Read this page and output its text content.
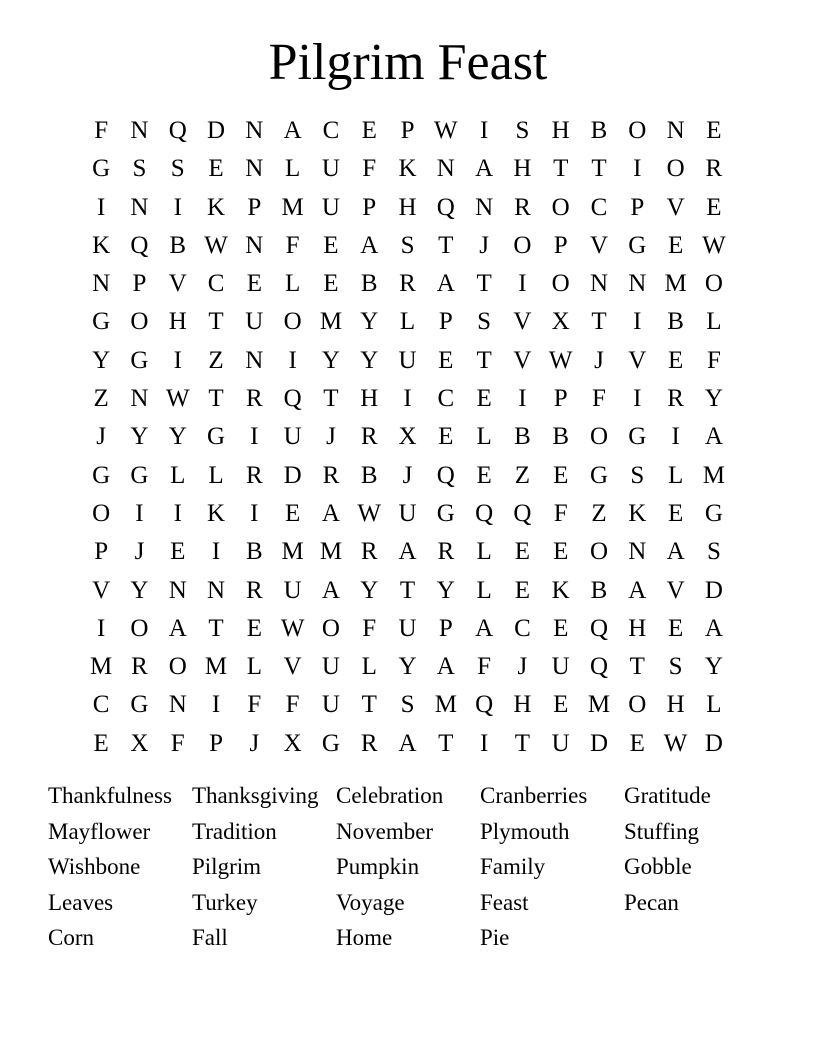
Pilgrim Feast
F N Q D N A C E P W I	S H B O N E
G S S E N L U F K N A H T T	I	O R
I	N	I	K P M U P H Q N R O C P V E
K Q B W N F E A S T	J O P V G E W
N P V C E L E B R A T	I	O N N M O
G O H T U O M Y L P S V X T	I	B L
Y G	I	Z N	I	Y Y U E T V W J V E F
Z N W T R Q T H	I	C E	I	P F	I	R Y
J Y Y G	I	U J	R X E L B B O G	I	A
G G L L R D R B	J Q E Z E G S L M
O	I	I	K	I	E A W U G Q Q F Z K E G
P	J	E	I	B M M R A R L E E O N A S
V Y N N R U A Y T Y L E K B A V D
I	O A T E W O F U P A C E Q H E A
M R O M L V U L Y A F	J U Q T S Y
C G N	I	F F U T S M Q H E M O H L
E X F P	J X G R A T	I	T U D E W D
Thankfulness Thanksgiving Celebration	Cranberries	Gratitude
Mayflower	Tradition	November	Plymouth	Stuffing
Wishbone	Pilgrim	Pumpkin	Family	Gobble
Leaves	Turkey	Voyage	Feast	Pecan
Corn	Fall	Home	Pie
